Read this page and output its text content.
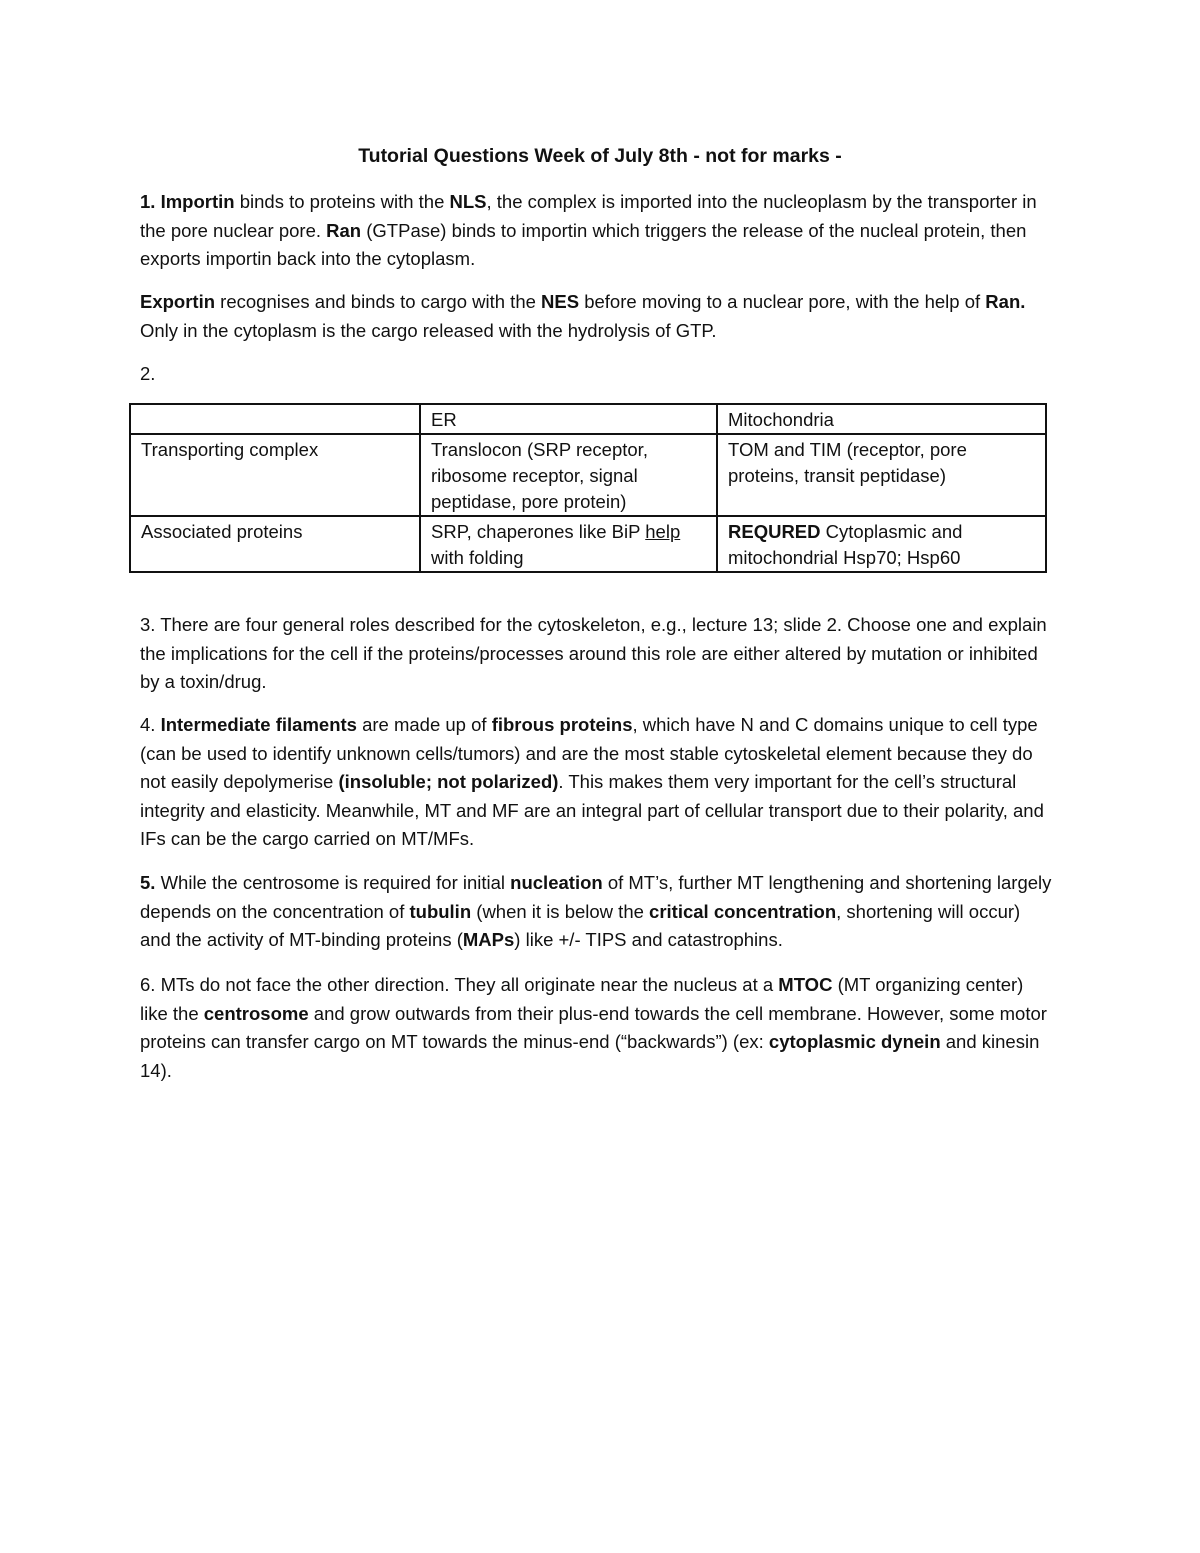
Tutorial Questions Week of July 8th - not for marks -

1. Importin binds to proteins with the NLS, the complex is imported into the nucleoplasm by the transporter in the pore nuclear pore. Ran (GTPase) binds to importin which triggers the release of the nucleal protein, then exports importin back into the cytoplasm.

Exportin recognises and binds to cargo with the NES before moving to a nuclear pore, with the help of Ran. Only in the cytoplasm is the cargo released with the hydrolysis of GTP.

2.

	ER	Mitochondria
Transporting complex	Translocon (SRP receptor, ribosome receptor, signal peptidase, pore protein)	TOM and TIM (receptor, pore proteins, transit peptidase)
Associated proteins	SRP, chaperones like BiP help with folding	REQURED Cytoplasmic and mitochondrial Hsp70; Hsp60

3. There are four general roles described for the cytoskeleton, e.g., lecture 13; slide 2. Choose one and explain the implications for the cell if the proteins/processes around this role are either altered by mutation or inhibited by a toxin/drug.

4. Intermediate filaments are made up of fibrous proteins, which have N and C domains unique to cell type (can be used to identify unknown cells/tumors) and are the most stable cytoskeletal element because they do not easily depolymerise (insoluble; not polarized). This makes them very important for the cell’s structural integrity and elasticity. Meanwhile, MT and MF are an integral part of cellular transport due to their polarity, and IFs can be the cargo carried on MT/MFs.

5. While the centrosome is required for initial nucleation of MT’s, further MT lengthening and shortening largely depends on the concentration of tubulin (when it is below the critical concentration, shortening will occur) and the activity of MT-binding proteins (MAPs) like +/- TIPS and catastrophins.

6. MTs do not face the other direction. They all originate near the nucleus at a MTOC (MT organizing center) like the centrosome and grow outwards from their plus-end towards the cell membrane. However, some motor proteins can transfer cargo on MT towards the minus-end (“backwards”) (ex: cytoplasmic dynein and kinesin 14).
